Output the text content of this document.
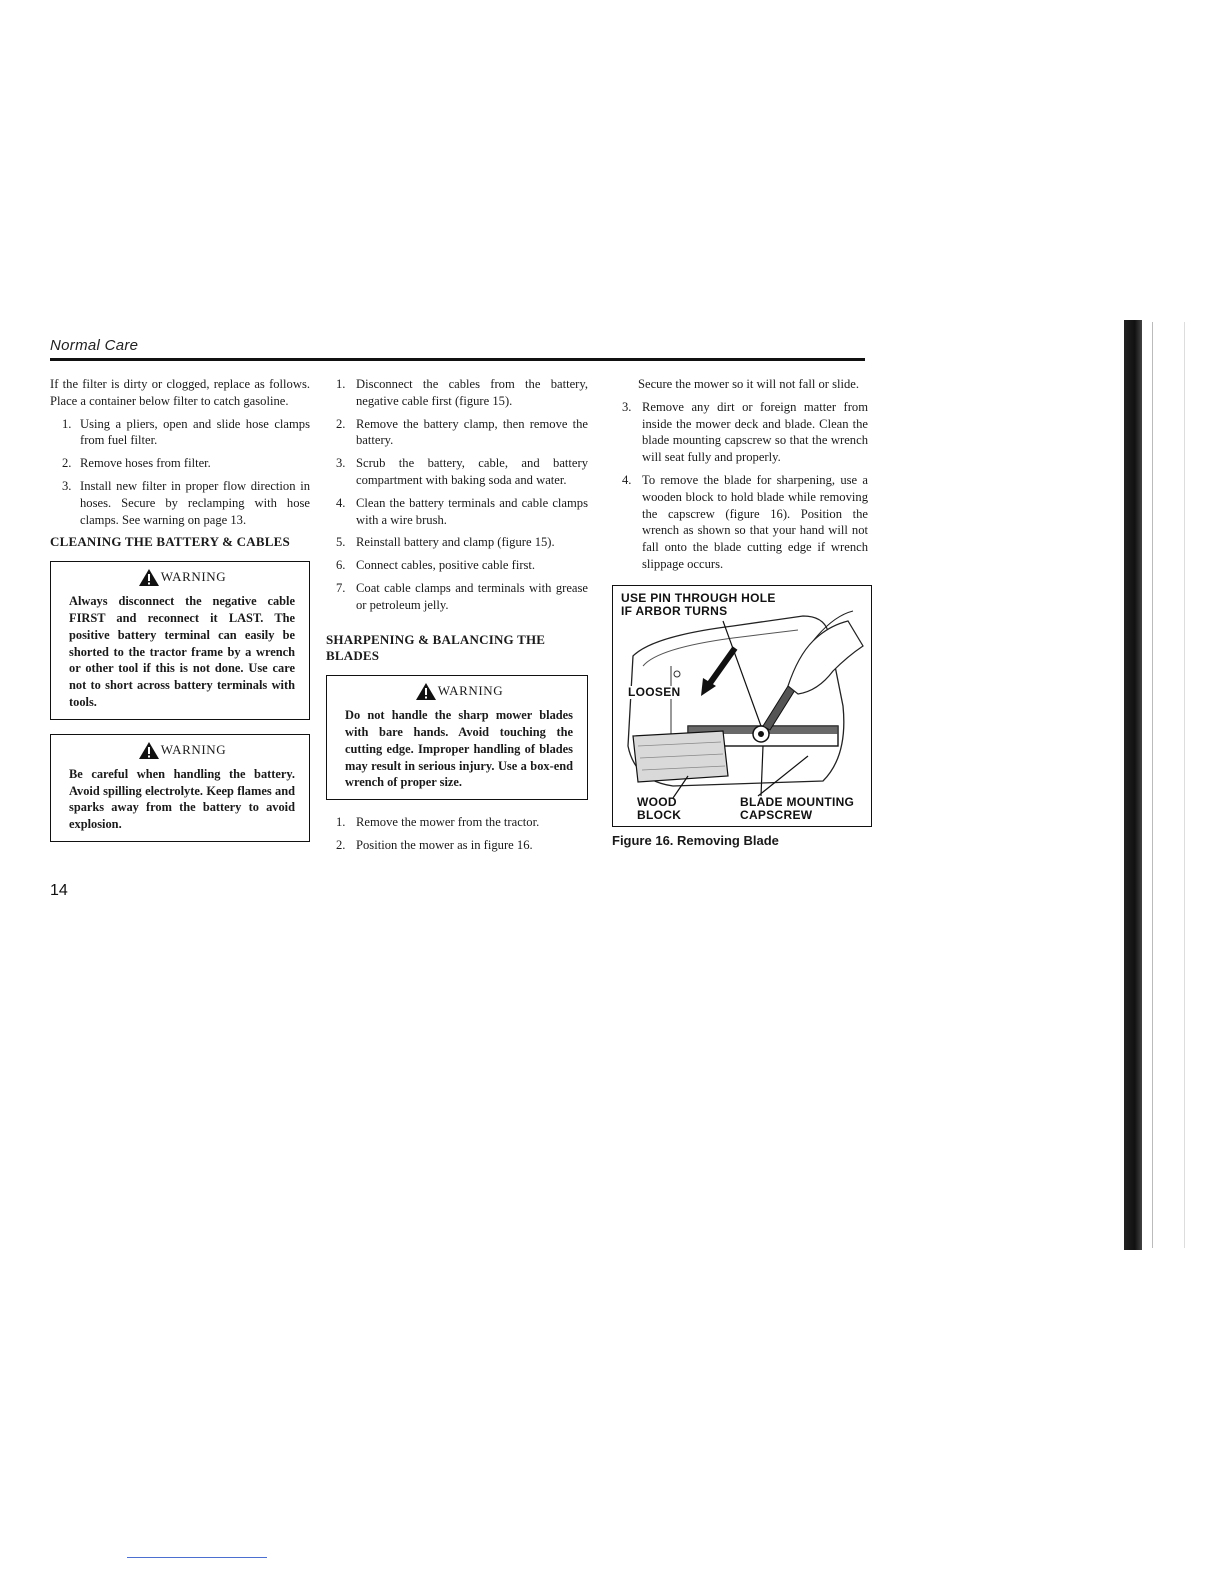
Normal Care

If the filter is dirty or clogged, replace as follows. Place a container below filter to catch gasoline.

1. Using a pliers, open and slide hose clamps from fuel filter.
2. Remove hoses from filter.
3. Install new filter in proper flow direction in hoses. Secure by reclamping with hose clamps. See warning on page 13.
CLEANING THE BATTERY & CABLES
WARNING
Always disconnect the negative cable FIRST and reconnect it LAST. The positive battery terminal can easily be shorted to the tractor frame by a wrench or other tool if this is not done. Use care not to short across battery terminals with tools.
WARNING
Be careful when handling the battery. Avoid spilling electrolyte. Keep flames and sparks away from the battery to avoid explosion.
1. Disconnect the cables from the battery, negative cable first (figure 15).
2. Remove the battery clamp, then remove the battery.
3. Scrub the battery, cable, and battery compartment with baking soda and water.
4. Clean the battery terminals and cable clamps with a wire brush.
5. Reinstall battery and clamp (figure 15).
6. Connect cables, positive cable first.
7. Coat cable clamps and terminals with grease or petroleum jelly.
SHARPENING & BALANCING THE BLADES
WARNING
Do not handle the sharp mower blades with bare hands. Avoid touching the cutting edge. Improper handling of blades may result in serious injury. Use a box-end wrench of proper size.
1. Remove the mower from the tractor.
2. Position the mower as in figure 16.

Secure the mower so it will not fall or slide.

3. Remove any dirt or foreign matter from inside the mower deck and blade. Clean the blade mounting capscrew so that the wrench will seat fully and properly.
4. To remove the blade for sharpening, use a wooden block to hold blade while removing the capscrew (figure 16). Position the wrench as shown so that your hand will not fall onto the blade cutting edge if wrench slippage occurs.
USE PIN THROUGH HOLE
IF ARBOR TURNS
LOOSEN
WOOD
BLOCK
BLADE MOUNTING
CAPSCREW
Figure 16. Removing Blade
14
